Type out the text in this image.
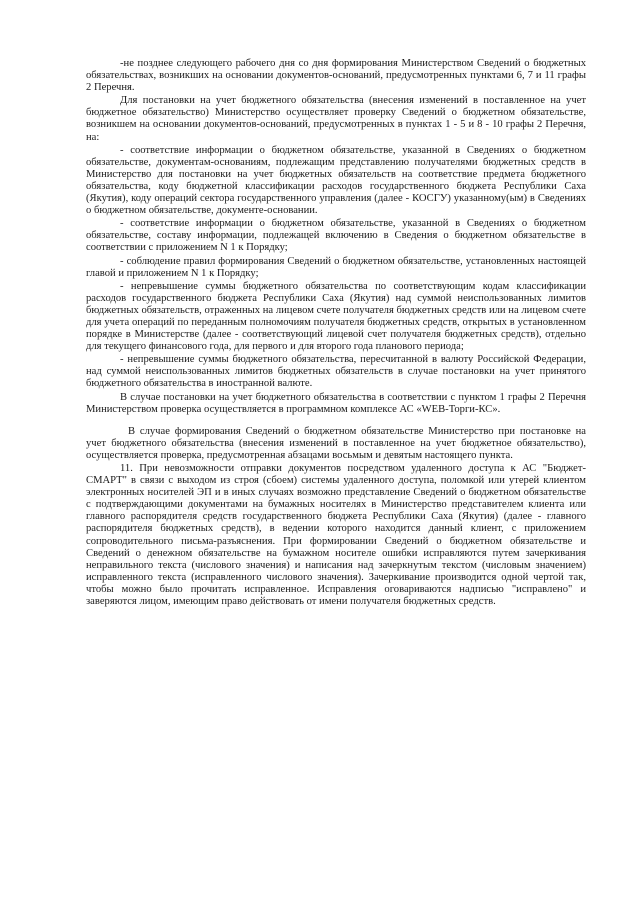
-не позднее следующего рабочего дня со дня формирования Министерством Сведений о бюджетных обязательствах, возникших на основании документов-оснований, предусмотренных пунктами 6, 7 и 11 графы 2 Перечня.

Для постановки на учет бюджетного обязательства (внесения изменений в поставленное на учет бюджетное обязательство) Министерство осуществляет проверку Сведений о бюджетном обязательстве, возникшем на основании документов-оснований, предусмотренных в пунктах 1 - 5 и 8 - 10 графы 2 Перечня, на:

- соответствие информации о бюджетном обязательстве, указанной в Сведениях о бюджетном обязательстве, документам-основаниям, подлежащим представлению получателями бюджетных средств в Министерство для постановки на учет бюджетных обязательств на соответствие предмета бюджетного обязательства, коду бюджетной классификации расходов государственного бюджета Республики Саха (Якутия), коду операций сектора государственного управления (далее - КОСГУ) указанному(ым) в Сведениях о бюджетном обязательстве, документе-основании.

- соответствие информации о бюджетном обязательстве, указанной в Сведениях о бюджетном обязательстве, составу информации, подлежащей включению в Сведения о бюджетном обязательстве в соответствии с приложением N 1 к Порядку;

- соблюдение правил формирования Сведений о бюджетном обязательстве, установленных настоящей главой и приложением N 1 к Порядку;

- непревышение суммы бюджетного обязательства по соответствующим кодам классификации расходов государственного бюджета Республики Саха (Якутия) над суммой неиспользованных лимитов бюджетных обязательств, отраженных на лицевом счете получателя бюджетных средств или на лицевом счете для учета операций по переданным полномочиям получателя бюджетных средств, открытых в установленном порядке в Министерстве (далее - соответствующий лицевой счет получателя бюджетных средств), отдельно для текущего финансового года, для первого и для второго года планового периода;

- непревышение суммы бюджетного обязательства, пересчитанной в валюту Российской Федерации, над суммой неиспользованных лимитов бюджетных обязательств в случае постановки на учет принятого бюджетного обязательства в иностранной валюте.

В случае постановки на учет бюджетного обязательства в соответствии с пунктом 1 графы 2 Перечня Министерством проверка осуществляется в программном комплексе АС «WEB-Торги-КС».

В случае формирования Сведений о бюджетном обязательстве Министерство при постановке на учет бюджетного обязательства (внесения изменений в поставленное на учет бюджетное обязательство), осуществляется проверка, предусмотренная абзацами восьмым и девятым настоящего пункта.

11. При невозможности отправки документов посредством удаленного доступа к АС "Бюджет-СМАРТ" в связи с выходом из строя (сбоем) системы удаленного доступа, поломкой или утерей клиентом электронных носителей ЭП и в иных случаях возможно представление Сведений о бюджетном обязательстве с подтверждающими документами на бумажных носителях в Министерство представителем клиента или главного распорядителя средств государственного бюджета Республики Саха (Якутия) (далее - главного распорядителя бюджетных средств), в ведении которого находится данный клиент, с приложением сопроводительного письма-разъяснения. При формировании Сведений о бюджетном обязательстве и Сведений о денежном обязательстве на бумажном носителе ошибки исправляются путем зачеркивания неправильного текста (числового значения) и написания над зачеркнутым текстом (числовым значением) исправленного текста (исправленного числового значения). Зачеркивание производится одной чертой так, чтобы можно было прочитать исправленное. Исправления оговариваются надписью "исправлено" и заверяются лицом, имеющим право действовать от имени получателя бюджетных средств.
